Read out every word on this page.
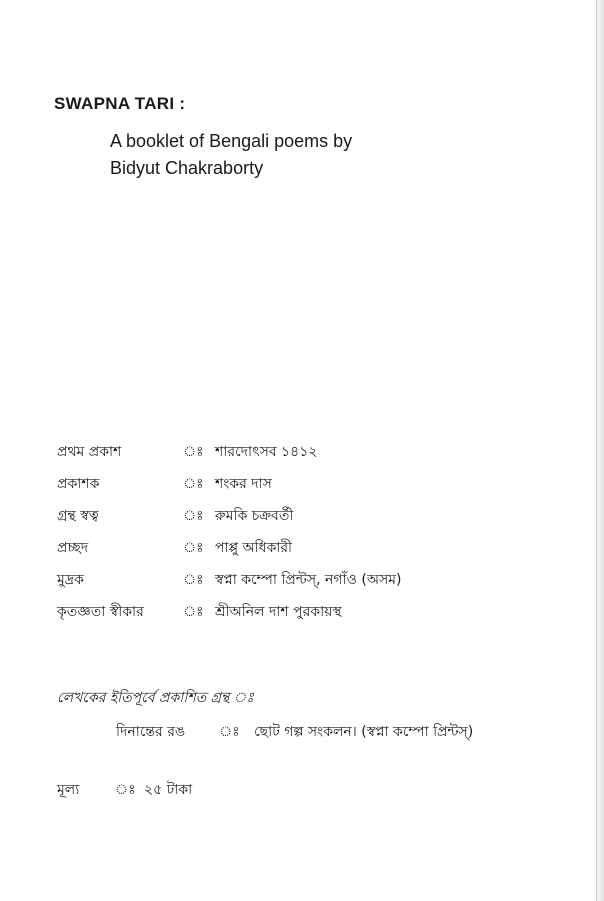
SWAPNA TARI :
A booklet of Bengali poems by
Bidyut Chakraborty
প্রথম প্রকাশ	ঃ শারদোৎসব ১৪১২
প্রকাশক	ঃ শংকর দাস
গ্রন্থ স্বত্ব	ঃ রুমকি চক্রবর্তী
প্রচ্ছদ	ঃ পাপ্পু অধিকারী
মুদ্রক	ঃ স্বপ্না কম্পো প্রিন্টস্, নগাঁও (অসম)
কৃতজ্ঞতা স্বীকার	ঃ শ্রীঅনিল দাশ পুরকায়স্থ
লেখকের ইতিপূর্বে প্রকাশিত গ্রন্থ ঃ
দিনান্তের রঙ ঃ ছোট গল্প সংকলন। (স্বপ্না কম্পো প্রিন্টস্)
মূল্য	ঃ ২৫ টাকা
